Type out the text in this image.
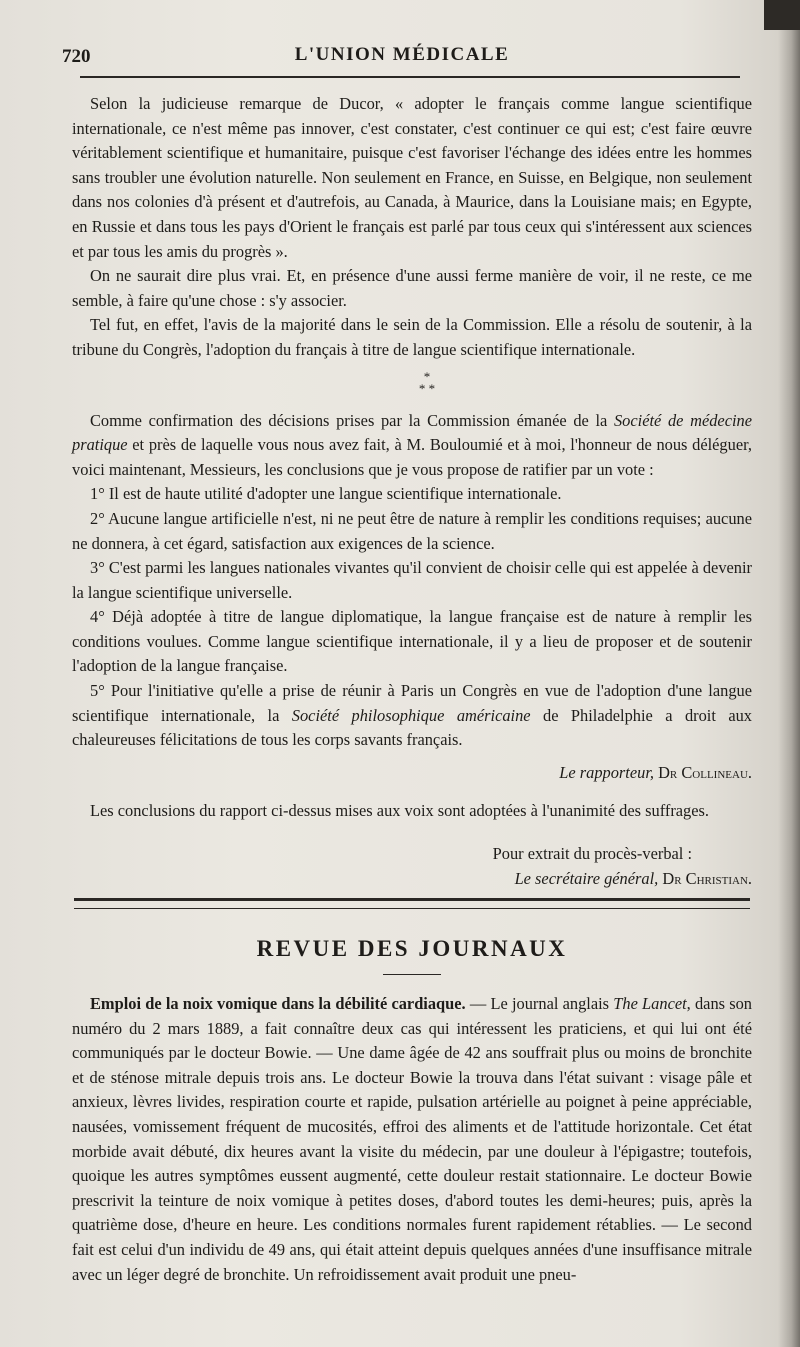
720	L'UNION MÉDICALE

Selon la judicieuse remarque de Ducor, « adopter le français comme langue scientifique internationale, ce n'est même pas innover, c'est constater, c'est continuer ce qui est; c'est faire œuvre véritablement scientifique et humanitaire, puisque c'est favoriser l'échange des idées entre les hommes sans troubler une évolution naturelle. Non seulement en France, en Suisse, en Belgique, non seulement dans nos colonies d'à présent et d'autrefois, au Canada, à Maurice, dans la Louisiane mais; en Egypte, en Russie et dans tous les pays d'Orient le français est parlé par tous ceux qui s'intéressent aux sciences et par tous les amis du progrès ».

On ne saurait dire plus vrai. Et, en présence d'une aussi ferme manière de voir, il ne reste, ce me semble, à faire qu'une chose : s'y associer.

Tel fut, en effet, l'avis de la majorité dans le sein de la Commission. Elle a résolu de soutenir, à la tribune du Congrès, l'adoption du français à titre de langue scientifique internationale.

*
* *

Comme confirmation des décisions prises par la Commission émanée de la Société de médecine pratique et près de laquelle vous nous avez fait, à M. Bouloumié et à moi, l'honneur de nous déléguer, voici maintenant, Messieurs, les conclusions que je vous propose de ratifier par un vote :

1° Il est de haute utilité d'adopter une langue scientifique internationale.

2° Aucune langue artificielle n'est, ni ne peut être de nature à remplir les conditions requises; aucune ne donnera, à cet égard, satisfaction aux exigences de la science.

3° C'est parmi les langues nationales vivantes qu'il convient de choisir celle qui est appelée à devenir la langue scientifique universelle.

4° Déjà adoptée à titre de langue diplomatique, la langue française est de nature à remplir les conditions voulues. Comme langue scientifique internationale, il y a lieu de proposer et de soutenir l'adoption de la langue française.

5° Pour l'initiative qu'elle a prise de réunir à Paris un Congrès en vue de l'adoption d'une langue scientifique internationale, la Société philosophique américaine de Philadelphie a droit aux chaleureuses félicitations de tous les corps savants français.

Le rapporteur, Dr Collineau.

Les conclusions du rapport ci-dessus mises aux voix sont adoptées à l'unanimité des suffrages.

Pour extrait du procès-verbal :
Le secrétaire général, Dr Christian.
REVUE DES JOURNAUX

Emploi de la noix vomique dans la débilité cardiaque. — Le journal anglais The Lancet, dans son numéro du 2 mars 1889, a fait connaître deux cas qui intéressent les praticiens, et qui lui ont été communiqués par le docteur Bowie. — Une dame âgée de 42 ans souffrait plus ou moins de bronchite et de sténose mitrale depuis trois ans. Le docteur Bowie la trouva dans l'état suivant : visage pâle et anxieux, lèvres livides, respiration courte et rapide, pulsation artérielle au poignet à peine appréciable, nausées, vomissement fréquent de mucosités, effroi des aliments et de l'attitude horizontale. Cet état morbide avait débuté, dix heures avant la visite du médecin, par une douleur à l'épigastre; toutefois, quoique les autres symptômes eussent augmenté, cette douleur restait stationnaire. Le docteur Bowie prescrivit la teinture de noix vomique à petites doses, d'abord toutes les demi-heures; puis, après la quatrième dose, d'heure en heure. Les conditions normales furent rapidement rétablies. — Le second fait est celui d'un individu de 49 ans, qui était atteint depuis quelques années d'une insuffisance mitrale avec un léger degré de bronchite. Un refroidissement avait produit une pneu-
